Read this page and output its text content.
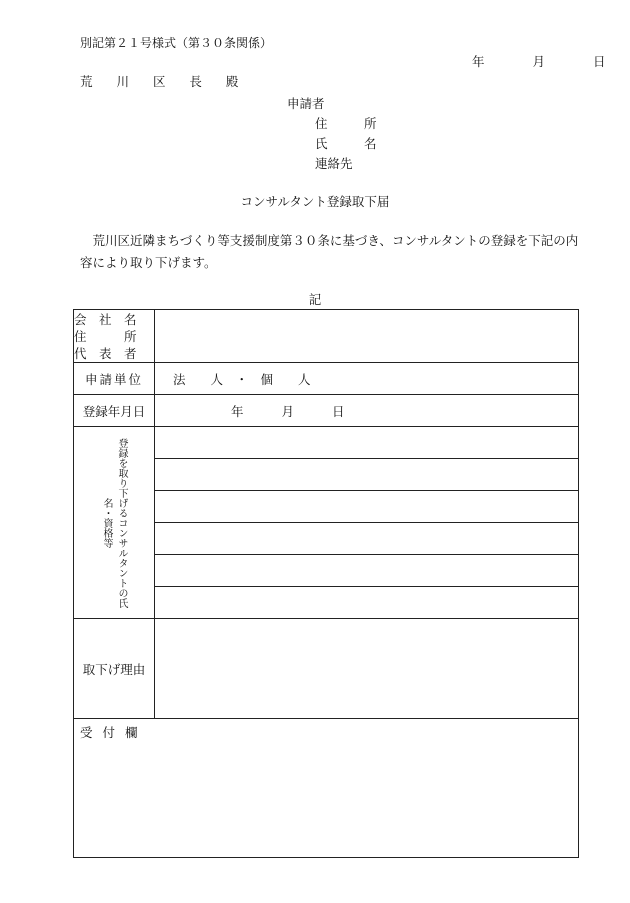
別記第２１号様式（第３０条関係）
年	月	日
荒 川 区 長 殿
申請者
住　所
氏　名
連絡先
コンサルタント登録取下届
荒川区近隣まちづくり等支援制度第３０条に基づき、コンサルタントの登録を下記の内容により取り下げます。
記
会　社　名
住　　　所
代　表　者	

申請単位	法　　人　・　個　　人
登録年月日	年 月 日

登録を取り下げるコンサルタントの氏名・資格等	

取下げ理由	
受付欄	
